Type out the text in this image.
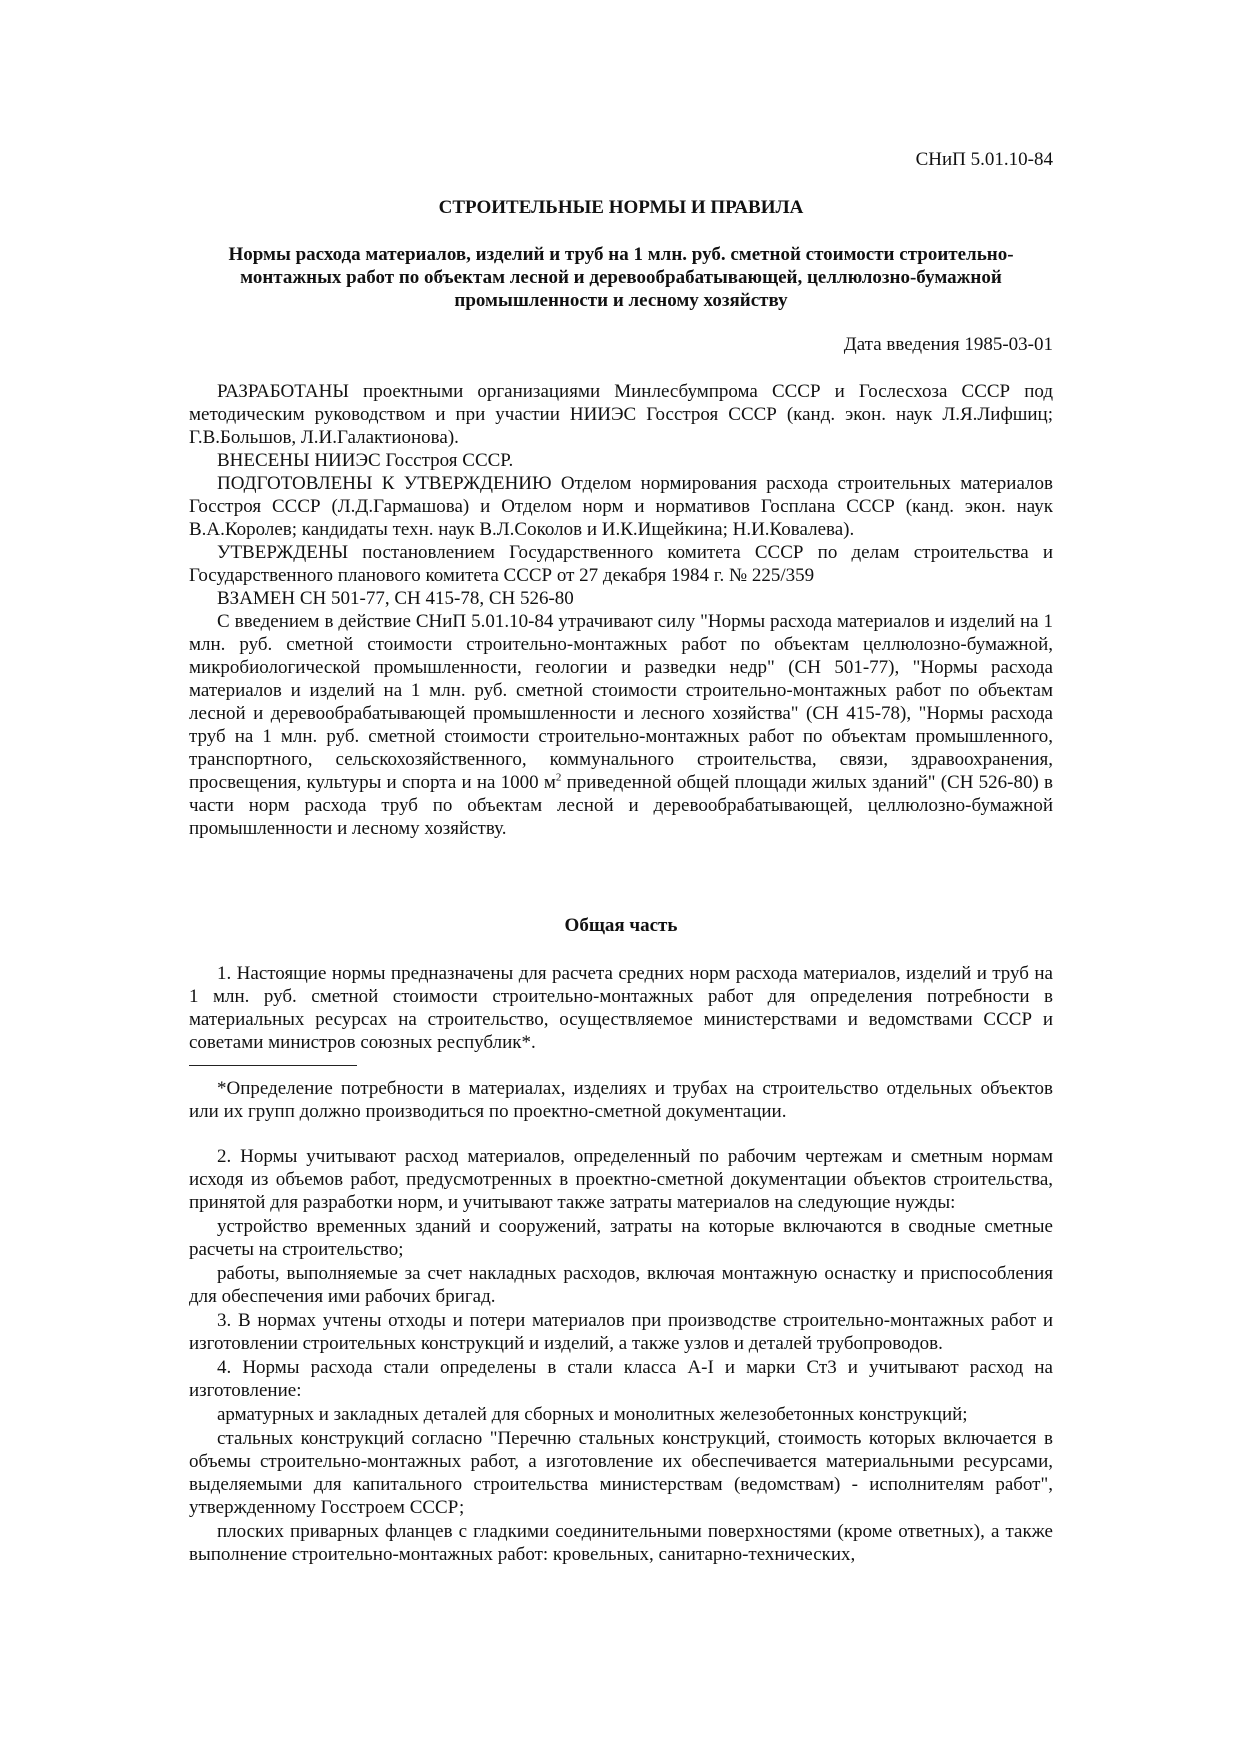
СНиП 5.01.10-84
СТРОИТЕЛЬНЫЕ НОРМЫ И ПРАВИЛА
Нормы расхода материалов, изделий и труб на 1 млн. руб. сметной стоимости строительно-монтажных работ по объектам лесной и деревообрабатывающей, целлюлозно-бумажной промышленности и лесному хозяйству
Дата введения 1985-03-01

РАЗРАБОТАНЫ проектными организациями Минлесбумпрома СССР и Гослесхоза СССР под методическим руководством и при участии НИИЭС Госстроя СССР (канд. экон. наук Л.Я.Лифшиц; Г.В.Большов, Л.И.Галактионова).

ВНЕСЕНЫ НИИЭС Госстроя СССР.

ПОДГОТОВЛЕНЫ К УТВЕРЖДЕНИЮ Отделом нормирования расхода строительных материалов Госстроя СССР (Л.Д.Гармашова) и Отделом норм и нормативов Госплана СССР (канд. экон. наук В.А.Королев; кандидаты техн. наук В.Л.Соколов и И.К.Ищейкина; Н.И.Ковалева).

УТВЕРЖДЕНЫ постановлением Государственного комитета СССР по делам строительства и Государственного планового комитета СССР от 27 декабря 1984 г. № 225/359

ВЗАМЕН СН 501-77, СН 415-78, СН 526-80

С введением в действие СНиП 5.01.10-84 утрачивают силу "Нормы расхода материалов и изделий на 1 млн. руб. сметной стоимости строительно-монтажных работ по объектам целлюлозно-бумажной, микробиологической промышленности, геологии и разведки недр" (СН 501-77), "Нормы расхода материалов и изделий на 1 млн. руб. сметной стоимости строительно-монтажных работ по объектам лесной и деревообрабатывающей промышленности и лесного хозяйства" (СН 415-78), "Нормы расхода труб на 1 млн. руб. сметной стоимости строительно-монтажных работ по объектам промышленного, транспортного, сельскохозяйственного, коммунального строительства, связи, здравоохранения, просвещения, культуры и спорта и на 1000 $м^2$ приведенной общей площади жилых зданий" (СН 526-80) в части норм расхода труб по объектам лесной и деревообрабатывающей, целлюлозно-бумажной промышленности и лесному хозяйству.

Общая часть

1. Настоящие нормы предназначены для расчета средних норм расхода материалов, изделий и труб на 1 млн. руб. сметной стоимости строительно-монтажных работ для определения потребности в материальных ресурсах на строительство, осуществляемое министерствами и ведомствами СССР и советами министров союзных республик*.

*Определение потребности в материалах, изделиях и трубах на строительство отдельных объектов или их групп должно производиться по проектно-сметной документации.

2. Нормы учитывают расход материалов, определенный по рабочим чертежам и сметным нормам исходя из объемов работ, предусмотренных в проектно-сметной документации объектов строительства, принятой для разработки норм, и учитывают также затраты материалов на следующие нужды:

устройство временных зданий и сооружений, затраты на которые включаются в сводные сметные расчеты на строительство;

работы, выполняемые за счет накладных расходов, включая монтажную оснастку и приспособления для обеспечения ими рабочих бригад.

3. В нормах учтены отходы и потери материалов при производстве строительно-монтажных работ и изготовлении строительных конструкций и изделий, а также узлов и деталей трубопроводов.

4. Нормы расхода стали определены в стали класса А-I и марки Ст3 и учитывают расход на изготовление:

арматурных и закладных деталей для сборных и монолитных железобетонных конструкций;

стальных конструкций согласно "Перечню стальных конструкций, стоимость которых включается в объемы строительно-монтажных работ, а изготовление их обеспечивается материальными ресурсами, выделяемыми для капитального строительства министерствам (ведомствам) - исполнителям работ", утвержденному Госстроем СССР;

плоских приварных фланцев с гладкими соединительными поверхностями (кроме ответных), а также выполнение строительно-монтажных работ: кровельных, санитарно-технических,
